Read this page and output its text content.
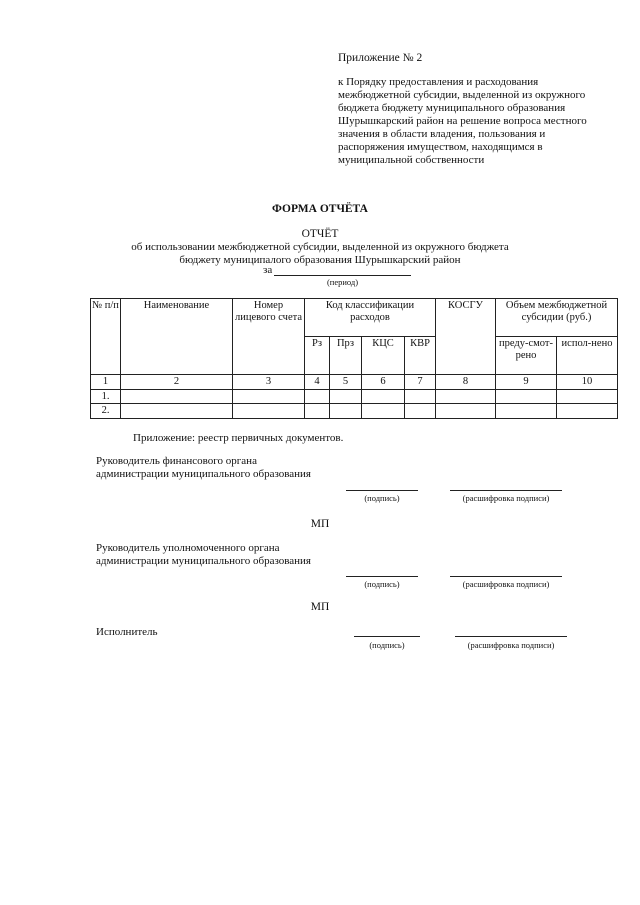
Приложение № 2
к Порядку предоставления и расходования межбюджетной субсидии, выделенной из окружного бюджета бюджету муниципального образования Шурышкарский район на решение вопроса местного значения в области владения, пользования и распоряжения имуществом, находящимся в муниципальной собственности
ФОРМА ОТЧЁТА
ОТЧЁТ
об использовании межбюджетной субсидии, выделенной из окружного бюджета
бюджету муниципалого образования Шурышкарский район
за
(период)
№ п/п	Наименование	Номер лицевого счета	Код классификации расходов				КОСГУ	Объем межбюджетной субсидии (руб.)	
			Рз	Прз	КЦС	КВР		преду-смот-рено	испол-нено
1	2	3	4	5	6	7	8	9	10
1.									
2.									
Приложение: реестр первичных документов.
Руководитель финансового органа администрации муниципального образования
(подпись)	(расшифровка подписи)
МП
Руководитель уполномоченного органа администрации муниципального образования
(подпись)	(расшифровка подписи)
МП
Исполнитель
(подпись)	(расшифровка подписи)
